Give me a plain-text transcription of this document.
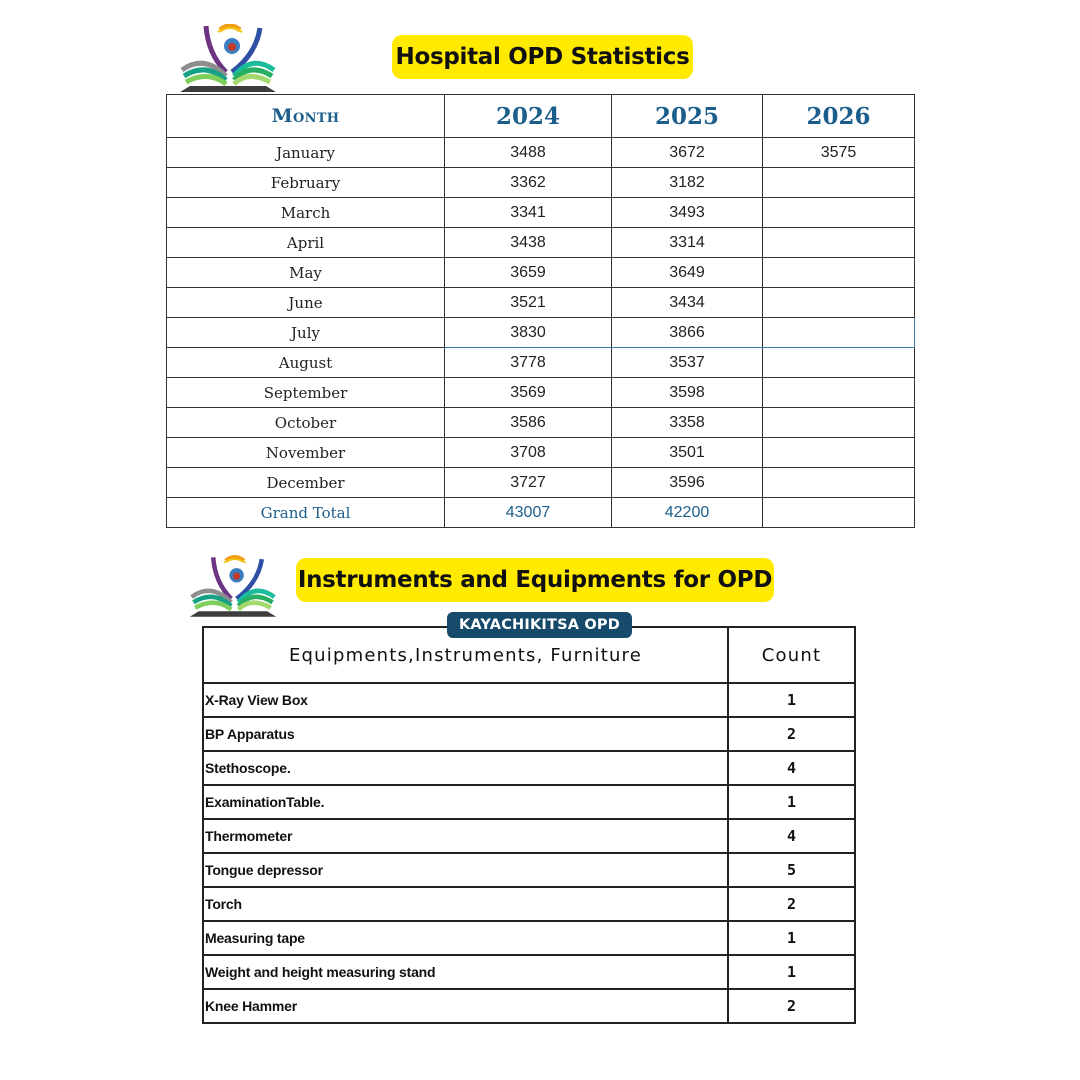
Hospital OPD Statistics
Month	2024	2025	2026
January	3488	3672	3575
February	3362	3182	
March	3341	3493	
April	3438	3314	
May	3659	3649	
June	3521	3434	
July	3830	3866	
August	3778	3537	
September	3569	3598	
October	3586	3358	
November	3708	3501	
December	3727	3596	
Grand Total	43007	42200	
Instruments and Equipments for OPD
KAYACHIKITSA OPD
Equipments,Instruments, Furniture	Count
X-Ray View Box	1
BP Apparatus	2
Stethoscope.	4
ExaminationTable.	1
Thermometer	4
Tongue depressor	5
Torch	2
Measuring tape	1
Weight and height measuring stand	1
Knee Hammer	2
